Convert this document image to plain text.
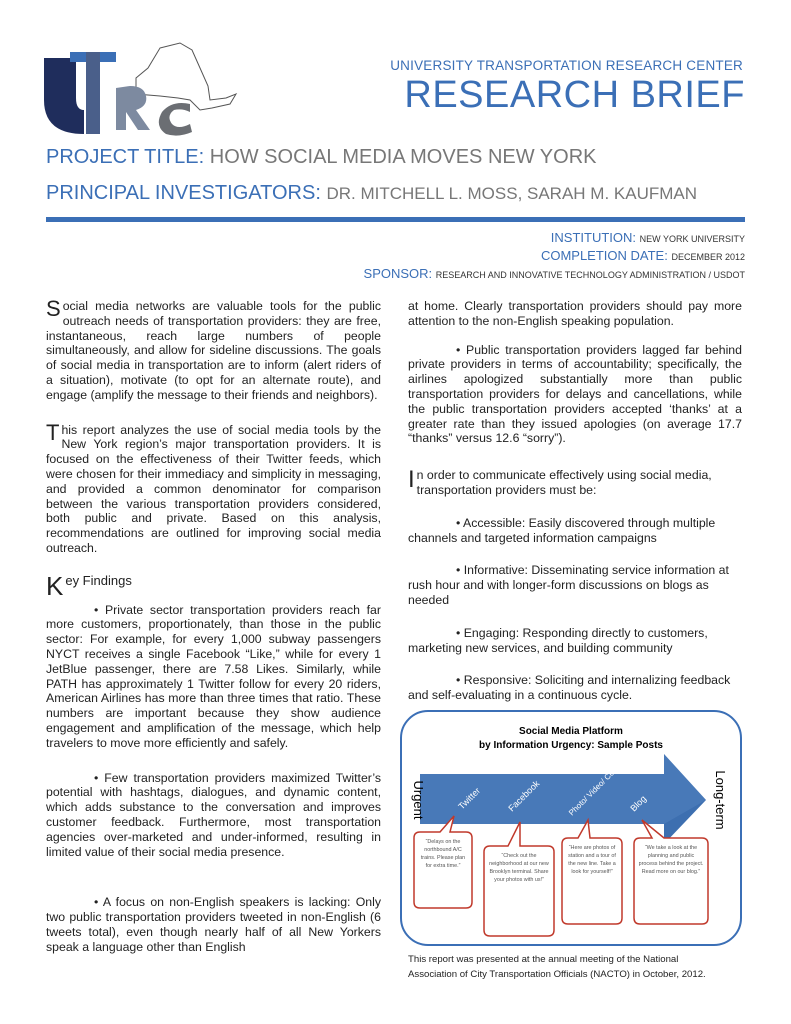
UNIVERSITY TRANSPORTATION RESEARCH CENTER
RESEARCH BRIEF
PROJECT TITLE: HOW SOCIAL MEDIA MOVES NEW YORK
PRINCIPAL INVESTIGATORS: DR. MITCHELL L. MOSS, SARAH M. KAUFMAN
INSTITUTION: NEW YORK UNIVERSITY
COMPLETION DATE: DECEMBER 2012
SPONSOR: RESEARCH AND INNOVATIVE TECHNOLOGY ADMINISTRATION / USDOT

Social media networks are valuable tools for the public outreach needs of transportation providers: they are free, instantaneous, reach large numbers of people simultaneously, and allow for sideline discussions. The goals of social media in transportation are to inform (alert riders of a situation), motivate (to opt for an alternate route), and engage (amplify the message to their friends and neighbors).

This report analyzes the use of social media tools by the New York region’s major transportation providers. It is focused on the effectiveness of their Twitter feeds, which were chosen for their immediacy and simplicity in messaging, and provided a common denominator for comparison between the various transportation providers considered, both public and private. Based on this analysis, recommendations are outlined for improving social media outreach.

Key Findings

• Private sector transportation providers reach far more customers, proportionately, than those in the public sector: For example, for every 1,000 subway passengers NYCT receives a single Facebook “Like,” while for every 1 JetBlue passenger, there are 7.58 Likes. Similarly, while PATH has approximately 1 Twitter follow for every 20 riders, American Airlines has more than three times that ratio. These numbers are important because they show audience engagement and amplification of the message, which help travelers to move more efficiently and safely.

• Few transportation providers maximized Twitter’s potential with hashtags, dialogues, and dynamic content, which adds substance to the conversation and improves customer feedback. Furthermore, most transportation agencies over-marketed and under-informed, resulting in limited value of their social media presence.

• A focus on non-English speakers is lacking: Only two public transportation providers tweeted in non-English (6 tweets total), even though nearly half of all New Yorkers speak a language other than English

at home. Clearly transportation providers should pay more attention to the non-English speaking population.

• Public transportation providers lagged far behind private providers in terms of accountability; specifically, the airlines apologized substantially more than public transportation providers for delays and cancellations, while the public transportation providers accepted ‘thanks’ at a greater rate than they issued apologies (on average 17.7 “thanks” versus 12.6 “sorry”).

In order to communicate effectively using social media, transportation providers must be:

• Accessible: Easily discovered through multiple channels and targeted information campaigns

• Informative: Disseminating service information at rush hour and with longer-form discussions on blogs as needed

• Engaging: Responding directly to customers, marketing new services, and building community

• Responsive: Soliciting and internalizing feedback and self-evaluating in a continuous cycle.

Social Media Platform
by Information Urgency: Sample Posts
Urgent	Long-term
Twitter	Facebook	Photo/ Video/ Content Blog
“Delays on the northbound A/C trains. Please plan for extra time.”
“Check out the neighborhood at our new Brooklyn terminal. Share your photos with us!”
“Here are photos of station and a tour of the new line. Take a look for yourself!”
“We take a look at the planning and public process behind the project. Read more on our blog.”
This report was presented at the annual meeting of the National
Association of City Transportation Officials (NACTO) in October, 2012.
